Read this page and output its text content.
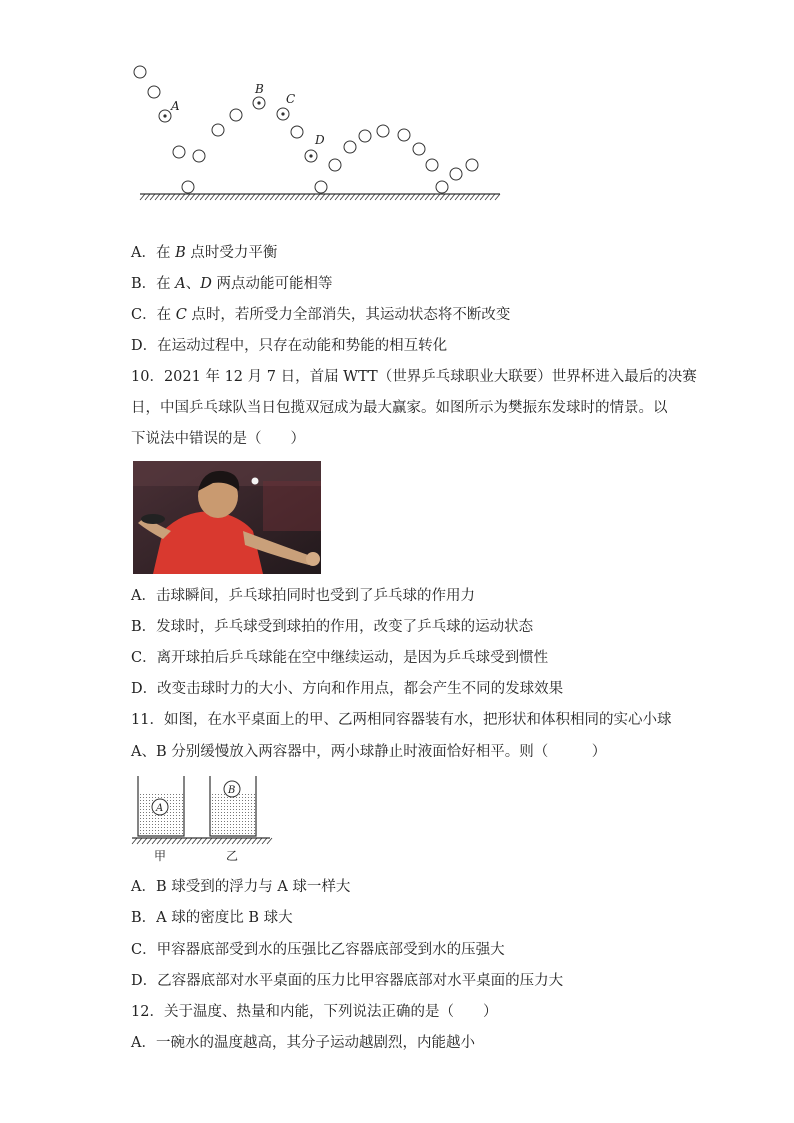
A
B
C
D
A．在 B 点时受力平衡
B．在 A、D 两点动能可能相等
C．在 C 点时，若所受力全部消失，其运动状态将不断改变
D．在运动过程中，只存在动能和势能的相互转化
10．2021 年 12 月 7 日，首届 WTT（世界乒乓球职业大联要）世界杯进入最后的决赛
日，中国乒乓球队当日包揽双冠成为最大赢家。如图所示为樊振东发球时的情景。以
下说法中错误的是（　　）
A．击球瞬间，乒乓球拍同时也受到了乒乓球的作用力
B．发球时，乒乓球受到球拍的作用，改变了乒乓球的运动状态
C．离开球拍后乒乓球能在空中继续运动，是因为乒乓球受到惯性
D．改变击球时力的大小、方向和作用点，都会产生不同的发球效果
11．如图，在水平桌面上的甲、乙两相同容器装有水，把形状和体积相同的实心小球
A、B 分别缓慢放入两容器中，两小球静止时液面恰好相平。则（　　　）
A
B
甲	乙
A．B 球受到的浮力与 A 球一样大
B．A 球的密度比 B 球大
C．甲容器底部受到水的压强比乙容器底部受到水的压强大
D．乙容器底部对水平桌面的压力比甲容器底部对水平桌面的压力大
12．关于温度、热量和内能，下列说法正确的是（　　）
A．一碗水的温度越高，其分子运动越剧烈，内能越小
